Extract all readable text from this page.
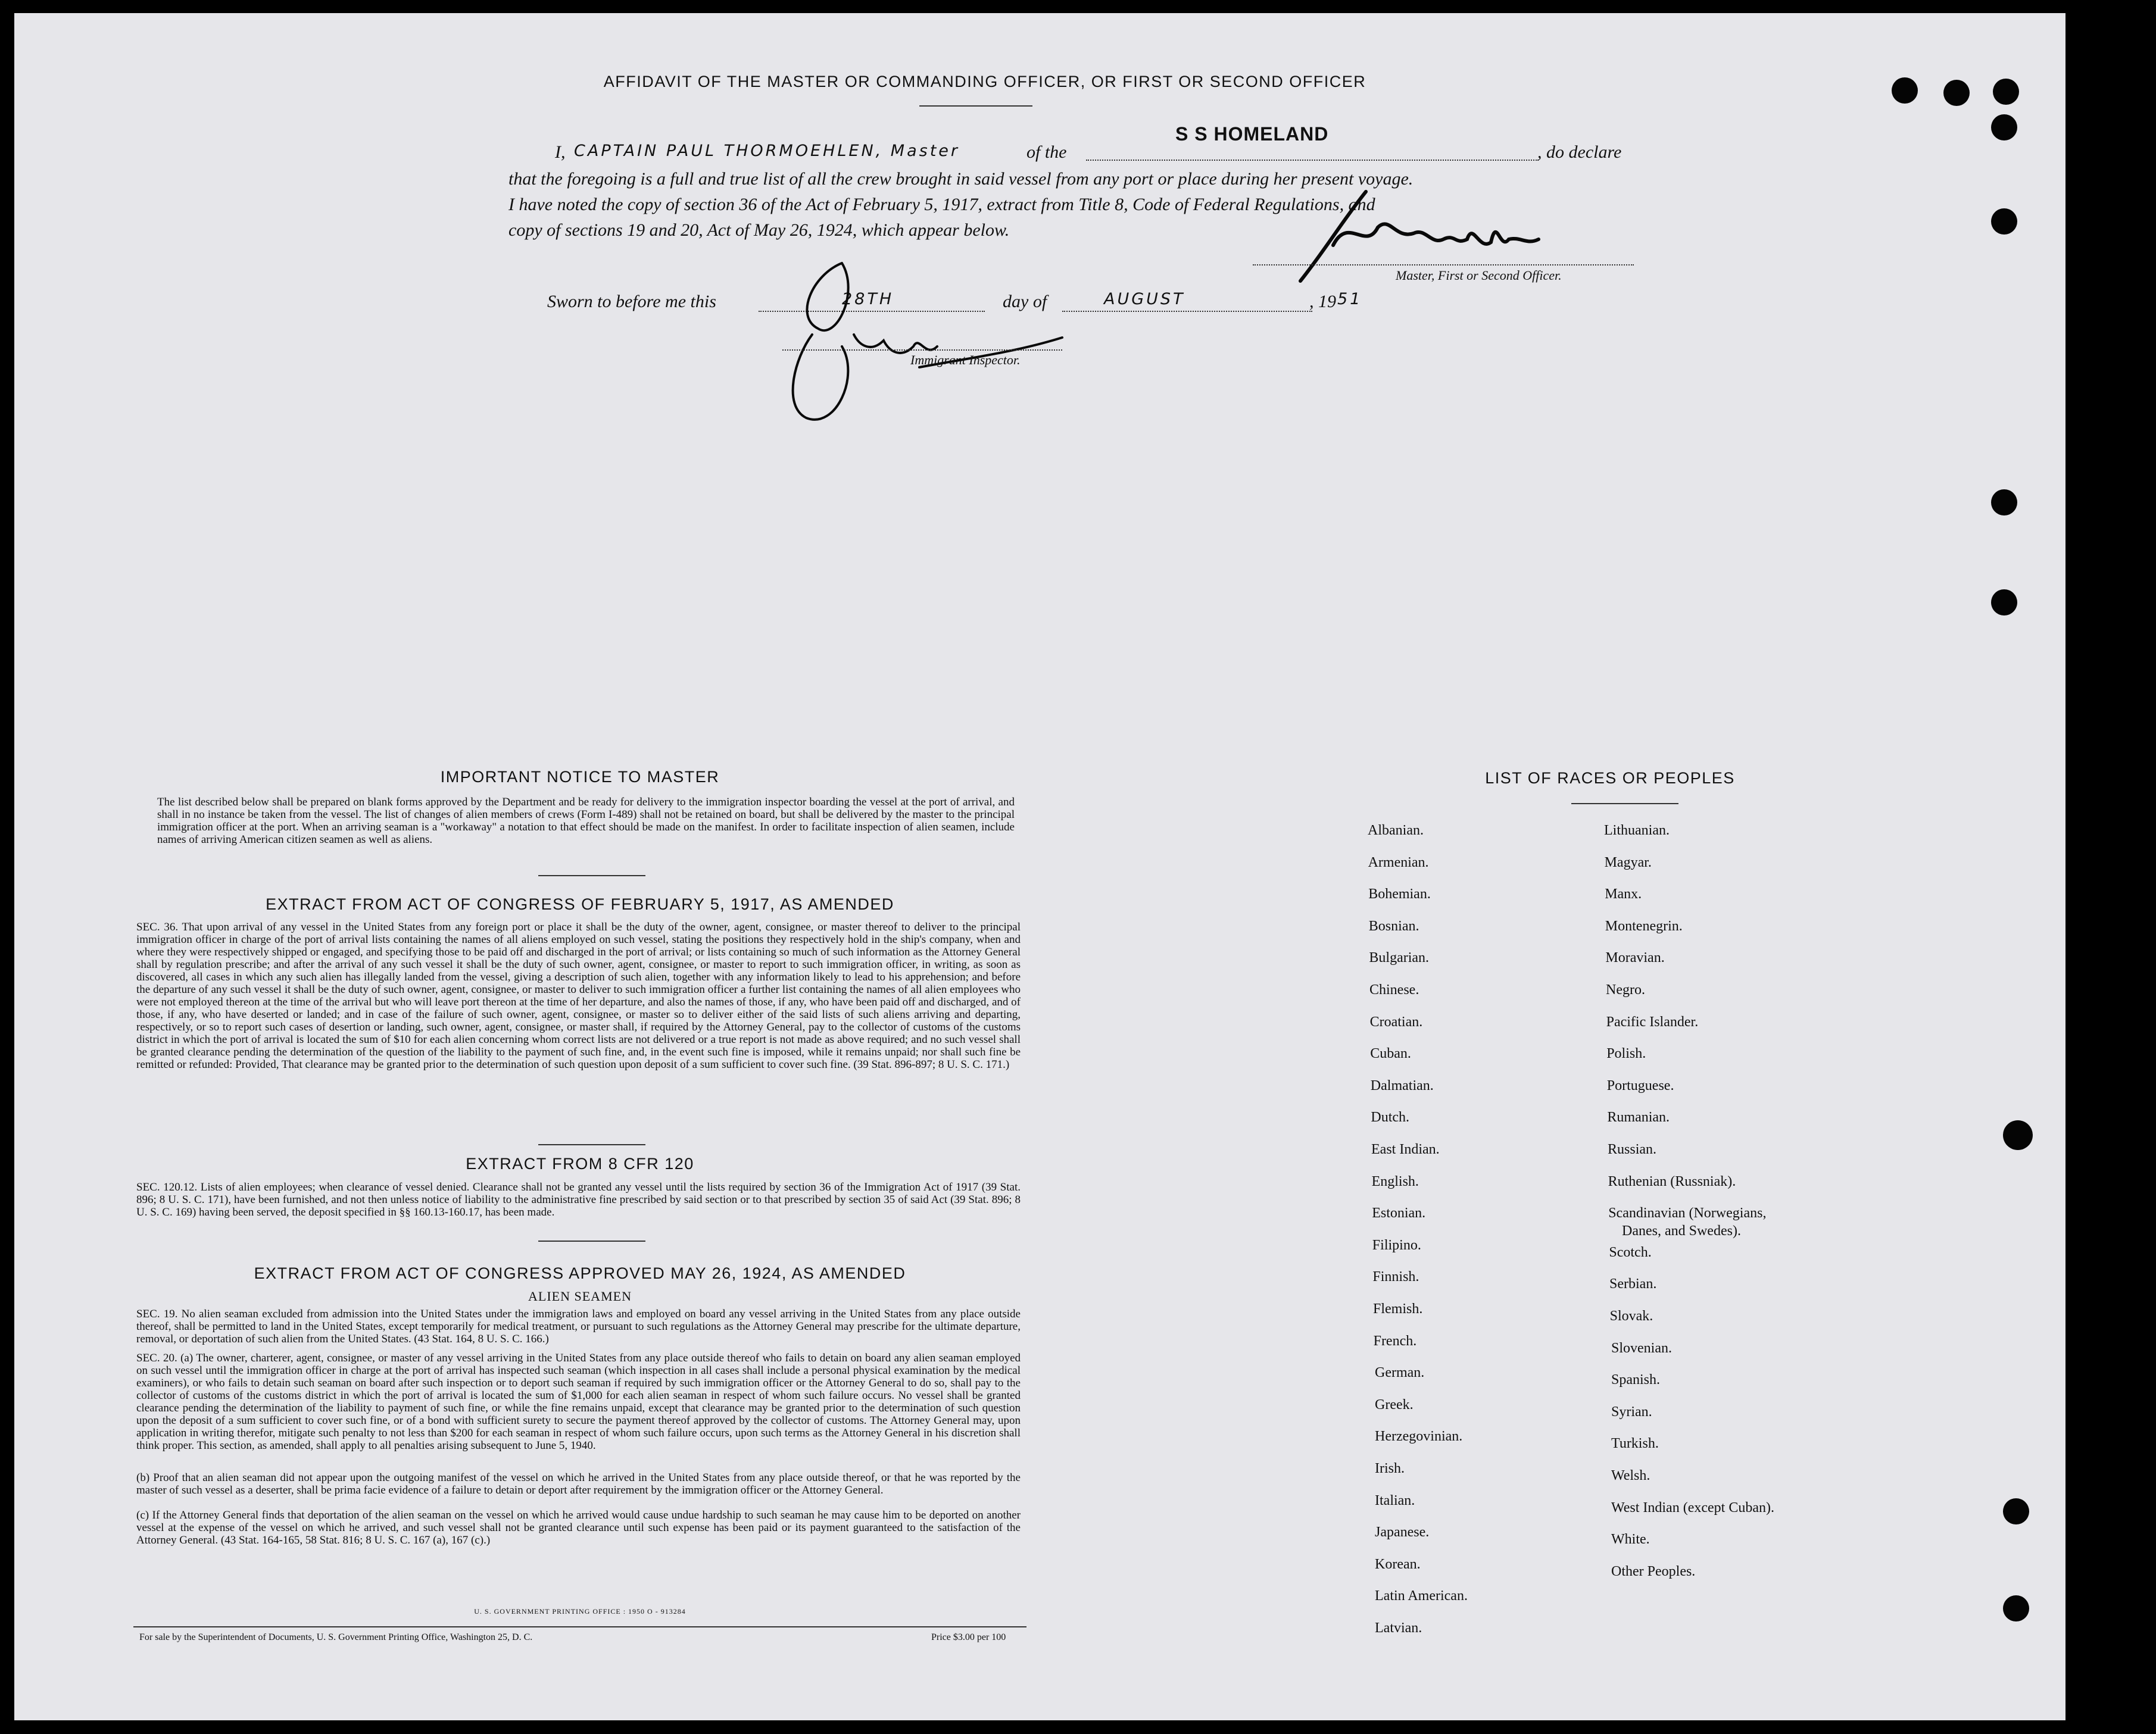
AFFIDAVIT OF THE MASTER OR COMMANDING OFFICER, OR FIRST OR SECOND OFFICER
I, CAPTAIN PAUL THORMOEHLEN, Master	of the
S S HOMELAND
, do declare
that the foregoing is a full and true list of all the crew brought in said vessel from any port or place during her present voyage.
I have noted the copy of section 36 of the Act of February 5, 1917, extract from Title 8, Code of Federal Regulations, and
copy of sections 19 and 20, Act of May 26, 1924, which appear below.
Master, First or Second Officer.
Sworn to before me this	28TH	day of	AUGUST	, 19 51
Immigrant Inspector.
IMPORTANT NOTICE TO MASTER
The list described below shall be prepared on blank forms approved by the Department and be ready for delivery to the immigration inspector boarding the vessel at the port of arrival, and shall in no instance be taken from the vessel. The list of changes of alien members of crews (Form I-489) shall not be retained on board, but shall be delivered by the master to the principal immigration officer at the port. When an arriving seaman is a "workaway" a notation to that effect should be made on the manifest. In order to facilitate inspection of alien seamen, include names of arriving American citizen seamen as well as aliens.
EXTRACT FROM ACT OF CONGRESS OF FEBRUARY 5, 1917, AS AMENDED
SEC. 36. That upon arrival of any vessel in the United States from any foreign port or place it shall be the duty of the owner, agent, consignee, or master thereof to deliver to the principal immigration officer in charge of the port of arrival lists containing the names of all aliens employed on such vessel, stating the positions they respectively hold in the ship's company, when and where they were respectively shipped or engaged, and specifying those to be paid off and discharged in the port of arrival; or lists containing so much of such information as the Attorney General shall by regulation prescribe; and after the arrival of any such vessel it shall be the duty of such owner, agent, consignee, or master to report to such immigration officer, in writing, as soon as discovered, all cases in which any such alien has illegally landed from the vessel, giving a description of such alien, together with any information likely to lead to his apprehension; and before the departure of any such vessel it shall be the duty of such owner, agent, consignee, or master to deliver to such immigration officer a further list containing the names of all alien employees who were not employed thereon at the time of the arrival but who will leave port thereon at the time of her departure, and also the names of those, if any, who have been paid off and discharged, and of those, if any, who have deserted or landed; and in case of the failure of such owner, agent, consignee, or master so to deliver either of the said lists of such aliens arriving and departing, respectively, or so to report such cases of desertion or landing, such owner, agent, consignee, or master shall, if required by the Attorney General, pay to the collector of customs of the customs district in which the port of arrival is located the sum of $10 for each alien concerning whom correct lists are not delivered or a true report is not made as above required; and no such vessel shall be granted clearance pending the determination of the question of the liability to the payment of such fine, and, in the event such fine is imposed, while it remains unpaid; nor shall such fine be remitted or refunded: Provided, That clearance may be granted prior to the determination of such question upon deposit of a sum sufficient to cover such fine. (39 Stat. 896-897; 8 U. S. C. 171.)
EXTRACT FROM 8 CFR 120
SEC. 120.12. Lists of alien employees; when clearance of vessel denied. Clearance shall not be granted any vessel until the lists required by section 36 of the Immigration Act of 1917 (39 Stat. 896; 8 U. S. C. 171), have been furnished, and not then unless notice of liability to the administrative fine prescribed by said section or to that prescribed by section 35 of said Act (39 Stat. 896; 8 U. S. C. 169) having been served, the deposit specified in §§ 160.13-160.17, has been made.
EXTRACT FROM ACT OF CONGRESS APPROVED MAY 26, 1924, AS AMENDED
ALIEN SEAMEN
SEC. 19. No alien seaman excluded from admission into the United States under the immigration laws and employed on board any vessel arriving in the United States from any place outside thereof, shall be permitted to land in the United States, except temporarily for medical treatment, or pursuant to such regulations as the Attorney General may prescribe for the ultimate departure, removal, or deportation of such alien from the United States. (43 Stat. 164, 8 U. S. C. 166.)
SEC. 20. (a) The owner, charterer, agent, consignee, or master of any vessel arriving in the United States from any place outside thereof who fails to detain on board any alien seaman employed on such vessel until the immigration officer in charge at the port of arrival has inspected such seaman (which inspection in all cases shall include a personal physical examination by the medical examiners), or who fails to detain such seaman on board after such inspection or to deport such seaman if required by such immigration officer or the Attorney General to do so, shall pay to the collector of customs of the customs district in which the port of arrival is located the sum of $1,000 for each alien seaman in respect of whom such failure occurs. No vessel shall be granted clearance pending the determination of the liability to payment of such fine, or while the fine remains unpaid, except that clearance may be granted prior to the determination of such question upon the deposit of a sum sufficient to cover such fine, or of a bond with sufficient surety to secure the payment thereof approved by the collector of customs. The Attorney General may, upon application in writing therefor, mitigate such penalty to not less than $200 for each seaman in respect of whom such failure occurs, upon such terms as the Attorney General in his discretion shall think proper. This section, as amended, shall apply to all penalties arising subsequent to June 5, 1940.
(b) Proof that an alien seaman did not appear upon the outgoing manifest of the vessel on which he arrived in the United States from any place outside thereof, or that he was reported by the master of such vessel as a deserter, shall be prima facie evidence of a failure to detain or deport after requirement by the immigration officer or the Attorney General.
(c) If the Attorney General finds that deportation of the alien seaman on the vessel on which he arrived would cause undue hardship to such seaman he may cause him to be deported on another vessel at the expense of the vessel on which he arrived, and such vessel shall not be granted clearance until such expense has been paid or its payment guaranteed to the satisfaction of the Attorney General. (43 Stat. 164-165, 58 Stat. 816; 8 U. S. C. 167 (a), 167 (c).)
U. S. GOVERNMENT PRINTING OFFICE : 1950 O - 913284
For sale by the Superintendent of Documents, U. S. Government Printing Office, Washington 25, D. C.	Price $3.00 per 100
LIST OF RACES OR PEOPLES
Albanian.
Armenian.
Bohemian.
Bosnian.
Bulgarian.
Chinese.
Croatian.
Cuban.
Dalmatian.
Dutch.
East Indian.
English.
Estonian.
Filipino.
Finnish.
Flemish.
French.
German.
Greek.
Herzegovinian.
Irish.
Italian.
Japanese.
Korean.
Latin American.
Latvian.
Lithuanian.
Magyar.
Manx.
Montenegrin.
Moravian.
Negro.
Pacific Islander.
Polish.
Portuguese.
Rumanian.
Russian.
Ruthenian (Russniak).
Scandinavian (Norwegians,
Danes, and Swedes).
Scotch.
Serbian.
Slovak.
Slovenian.
Spanish.
Syrian.
Turkish.
Welsh.
West Indian (except Cuban).
White.
Other Peoples.
